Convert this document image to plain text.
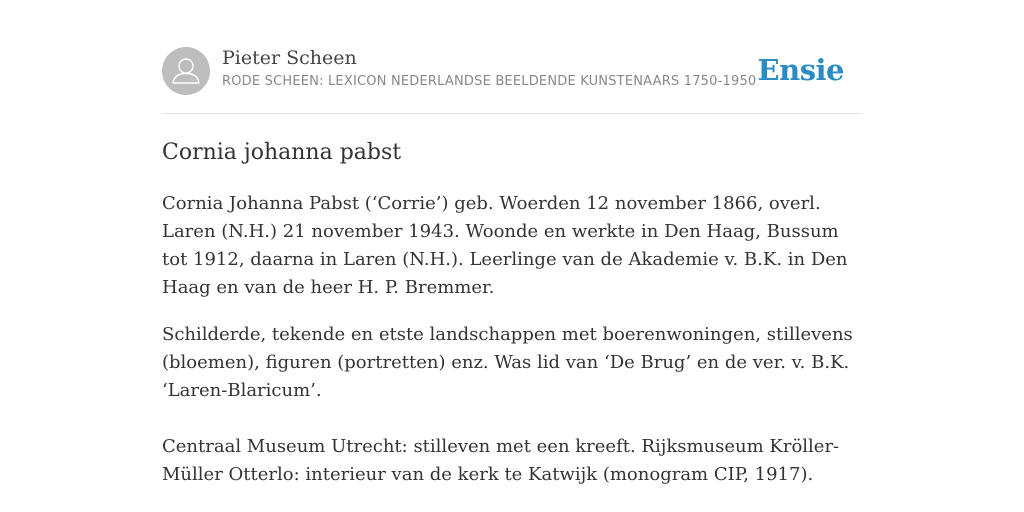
Pieter Scheen
RODE SCHEEN: LEXICON NEDERLANDSE BEELDENDE KUNSTENAARS 1750-1950 Ensie
Cornia johanna pabst

Cornia Johanna Pabst (‘Corrie’) geb. Woerden 12 november 1866, overl. Laren (N.H.) 21 november 1943. Woonde en werkte in Den Haag, Bussum tot 1912, daarna in Laren (N.H.). Leerlinge van de Akademie v. B.K. in Den Haag en van de heer H. P. Bremmer.

Schilderde, tekende en etste landschappen met boerenwoningen, stillevens (bloemen), figuren (portretten) enz. Was lid van ‘De Brug’ en de ver. v. B.K. ‘Laren-Blaricum’.

Centraal Museum Utrecht: stilleven met een kreeft. Rijksmuseum Kröller-Müller Otterlo: interieur van de kerk te Katwijk (monogram CIP, 1917).
